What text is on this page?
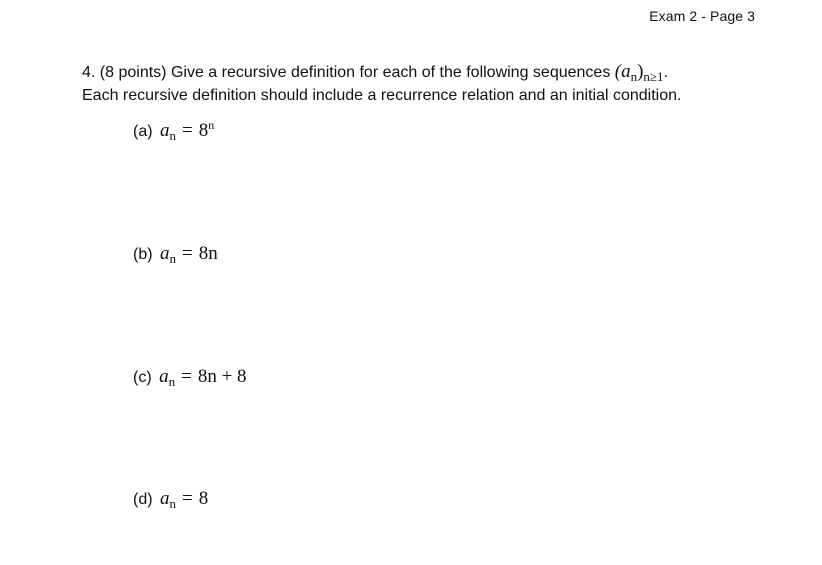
Exam 2 - Page 3
4. (8 points) Give a recursive definition for each of the following sequences $(a_n)_{n\ge 1}$.
Each recursive definition should include a recurrence relation and an initial condition.
(a) $a_n = 8^n$
(b) $a_n = 8n$
(c) $a_n = 8n + 8$
(d) $a_n = 8$
